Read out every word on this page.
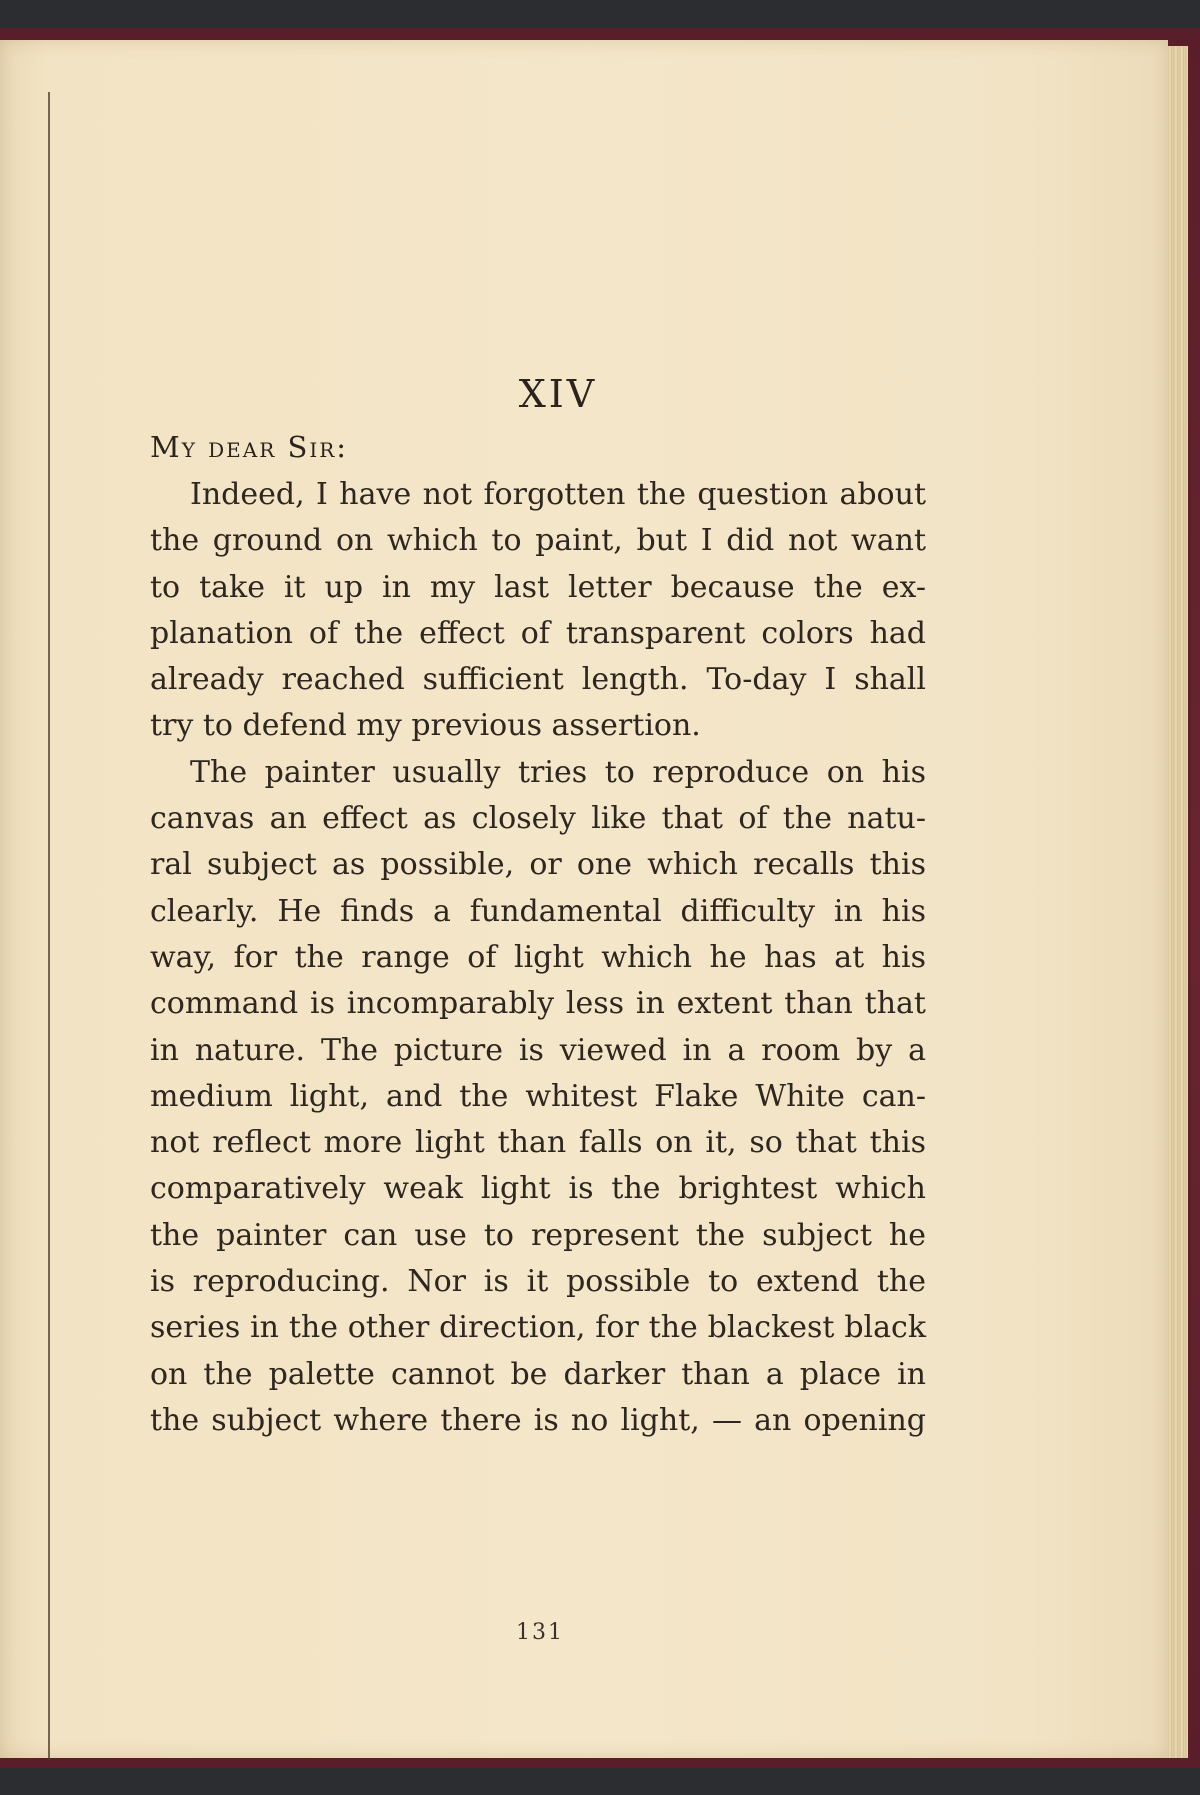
XIV
My dear Sir:
Indeed, I have not forgotten the question about
the ground on which to paint, but I did not want
to take it up in my last letter because the ex-
planation of the effect of transparent colors had
already reached sufficient length. To-day I shall
try to defend my previous assertion.
The painter usually tries to reproduce on his
canvas an effect as closely like that of the natu-
ral subject as possible, or one which recalls this
clearly. He finds a fundamental difficulty in his
way, for the range of light which he has at his
command is incomparably less in extent than that
in nature. The picture is viewed in a room by a
medium light, and the whitest Flake White can-
not reflect more light than falls on it, so that this
comparatively weak light is the brightest which
the painter can use to represent the subject he
is reproducing. Nor is it possible to extend the
series in the other direction, for the blackest black
on the palette cannot be darker than a place in
the subject where there is no light, — an opening
131
